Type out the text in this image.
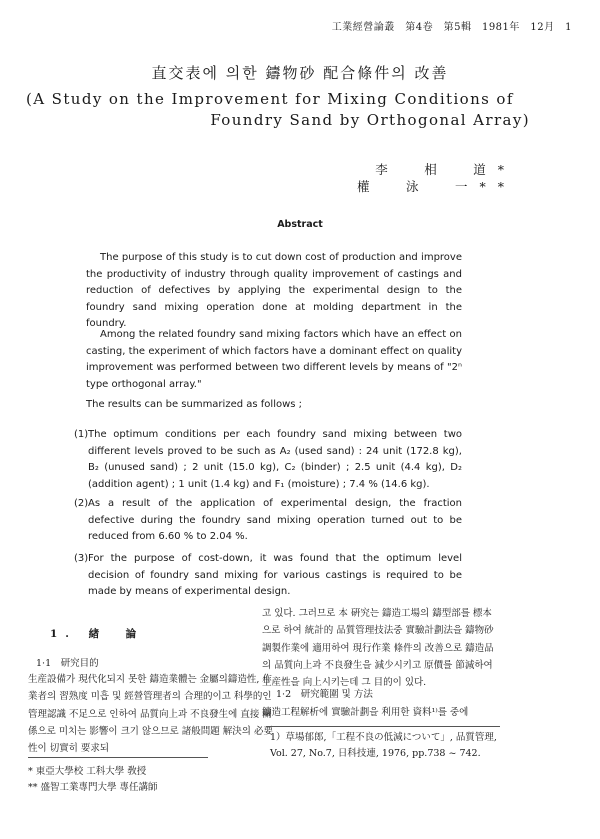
工業經營論叢　第4卷　第5輯　1981年　12月　1
直交表에 의한 鑄物砂 配合條件의 改善
(A Study on the Improvement for Mixing Conditions of
Foundry Sand by Orthogonal Array)
李　相　道*
權　泳　一**
Abstract
The purpose of this study is to cut down cost of production and improve the productivity of industry through quality improvement of castings and reduction of defectives by applying the experimental design to the foundry sand mixing operation done at molding department in the foundry.
Among the related foundry sand mixing factors which have an effect on casting, the experiment of which factors have a dominant effect on quality improvement was performed between two different levels by means of "2ⁿ type orthogonal array."
The results can be summarized as follows ;
(1) The optimum conditions per each foundry sand mixing between two different levels proved to be such as A₂ (used sand) : 24 unit (172.8 kg), B₂ (unused sand) ; 2 unit (15.0 kg), C₂ (binder) ; 2.5 unit (4.4 kg), D₂ (addition agent) ; 1 unit (1.4 kg) and F₁ (moisture) ; 7.4 % (14.6 kg).
(2) As a result of the application of experimental design, the fraction defective during the foundry sand mixing operation turned out to be reduced from 6.60 % to 2.04 %.
(3) For the purpose of cost-down, it was found that the optimum level decision of foundry sand mixing for various castings is required to be made by means of experimental design.
1. 緖　論
1·1　研究目的
生産設備가 現代化되지 못한 鑄造業體는 金屬의鑄造性, 作業者의 習熟度 미흡 및 經營管理者의 合理的이고 科學的인 管理認識 不足으로 인하여 品質向上과 不良發生에 直接 關係으로 미치는 影響이 크기 않으므로 諸般問題 解決의 必要性이 切實히 要求되
고 있다. 그러므로 本 硏究는 鑄造工場의 鑄型部를 標本으로 하여 統計的 品質管理技法중 實驗計劃法을 鑄物砂 調製作業에 適用하여 現行作業 條件의 改善으로 鑄造品의 品質向上과 不良發生을 減少시키고 原價를 節減하여 生産性을 向上시키는데 그 目的이 있다.
1·2　研究範圍 및 方法
鑄造工程解析에 實驗計劃을 利用한 資料¹⁾를 중에
* 東亞大學校 工科大學 敎授
** 盛智工業專門大學 專任講師
1）草場郁郎,「工程不良の低減について」, 品質管理, Vol. 27, No.7, 日科技連, 1976, pp.738 ~ 742.
